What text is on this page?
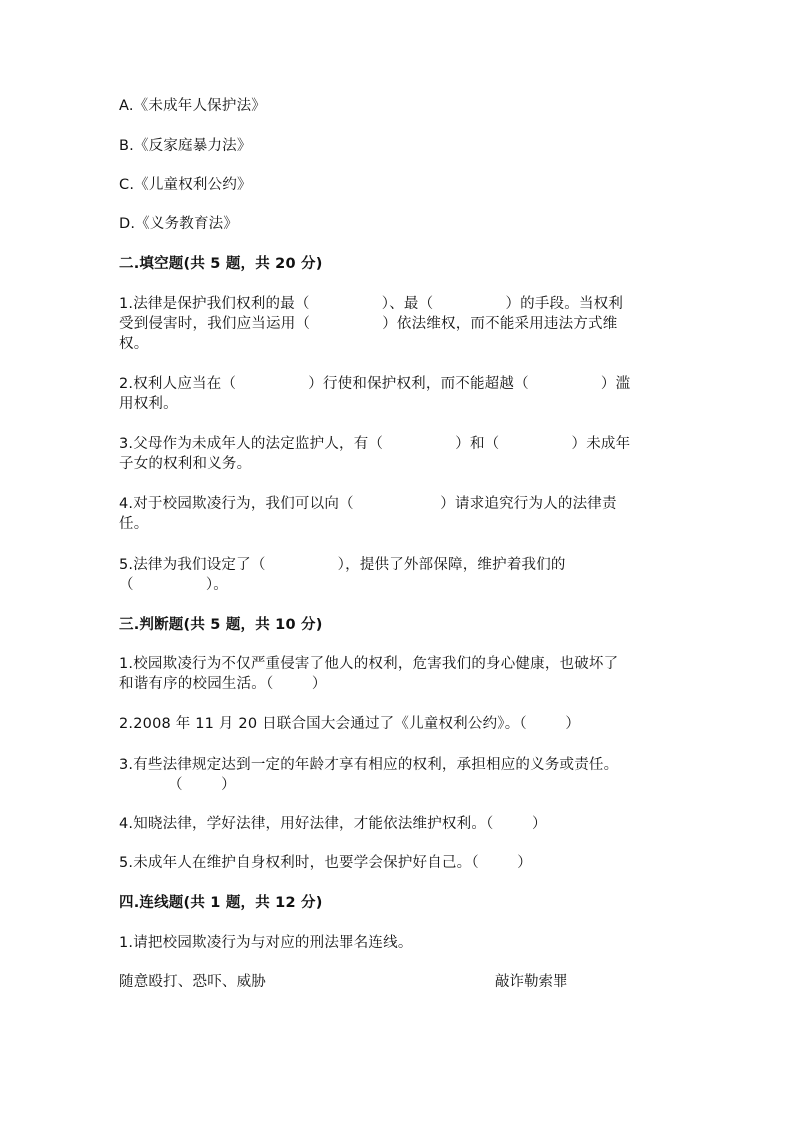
A.《未成年人保护法》
B.《反家庭暴力法》
C.《儿童权利公约》
D.《义务教育法》
二.填空题(共 5 题，共 20 分)
1.法律是保护我们权利的最（               ）、最（               ）的手段。当权利
受到侵害时，我们应当运用（               ）依法维权，而不能采用违法方式维
权。
2.权利人应当在（               ）行使和保护权利，而不能超越（               ）滥
用权利。
3.父母作为未成年人的法定监护人，有（               ）和（               ）未成年
子女的权利和义务。
4.对于校园欺凌行为，我们可以向（                  ）请求追究行为人的法律责
任。
5.法律为我们设定了（               ），提供了外部保障，维护着我们的
（               ）。
三.判断题(共 5 题，共 10 分)
1.校园欺凌行为不仅严重侵害了他人的权利，危害我们的身心健康，也破坏了
和谐有序的校园生活。（        ）
2.2008 年 11 月 20 日联合国大会通过了《儿童权利公约》。（        ）
3.有些法律规定达到一定的年龄才享有相应的权利，承担相应的义务或责任。
（        ）
4.知晓法律，学好法律，用好法律，才能依法维护权利。（        ）
5.未成年人在维护自身权利时，也要学会保护好自己。（        ）
四.连线题(共 1 题，共 12 分)
1.请把校园欺凌行为与对应的刑法罪名连线。
随意殴打、恐吓、威胁	敲诈勒索罪
